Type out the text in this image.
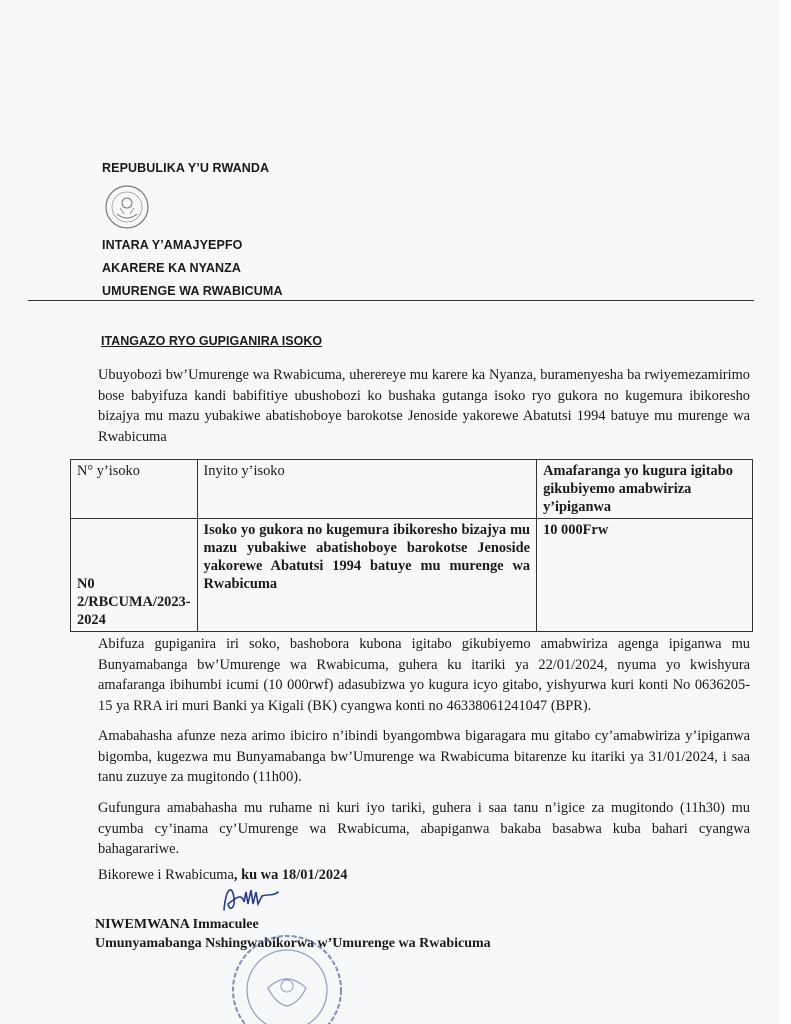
REPUBULIKA Y’U RWANDA
INTARA Y’AMAJYEPFO
AKARERE KA NYANZA
UMURENGE WA RWABICUMA
ITANGAZO RYO GUPIGANIRA ISOKO

Ubuyobozi bw’Umurenge wa Rwabicuma, uherereye mu karere ka Nyanza, buramenyesha ba rwiyemezamirimo bose babyifuza kandi babifitiye ubushobozi ko bushaka gutanga isoko ryo gukora no kugemura ibikoresho bizajya mu mazu yubakiwe abatishoboye barokotse Jenoside yakorewe Abatutsi 1994 batuye mu murenge wa Rwabicuma

N° y’isoko	Inyito y’isoko	Amafaranga yo kugura igitabo gikubiyemo amabwiriza y’ipiganwa
N0 2/RBCUMA/2023-2024	Isoko yo gukora no kugemura ibikoresho bizajya mu mazu yubakiwe abatishoboye barokotse Jenoside yakorewe Abatutsi 1994 batuye mu murenge wa Rwabicuma	10 000Frw

Abifuza gupiganira iri soko, bashobora kubona igitabo gikubiyemo amabwiriza agenga ipiganwa mu Bunyamabanga bw’Umurenge wa Rwabicuma, guhera ku itariki ya 22/01/2024, nyuma yo kwishyura amafaranga ibihumbi icumi (10 000rwf) adasubizwa yo kugura icyo gitabo, yishyurwa kuri konti No 0636205-15 ya RRA iri muri Banki ya Kigali (BK) cyangwa konti no 46338061241047 (BPR).

Amabahasha afunze neza arimo ibiciro n’ibindi byangombwa bigaragara mu gitabo cy’amabwiriza y’ipiganwa bigomba, kugezwa mu Bunyamabanga bw’Umurenge wa Rwabicuma bitarenze ku itariki ya 31/01/2024, i saa tanu zuzuye za mugitondo (11h00).

Gufungura amabahasha mu ruhame ni kuri iyo tariki, guhera i saa tanu n’igice za mugitondo (11h30) mu cyumba cy’inama cy’Umurenge wa Rwabicuma, abapiganwa bakaba basabwa kuba bahari cyangwa bahagarariwe.

Bikorewe i Rwabicuma, ku wa 18/01/2024
NIWEMWANA Immaculee
Umunyamabanga Nshingwabikorwa w’Umurenge wa Rwabicuma
